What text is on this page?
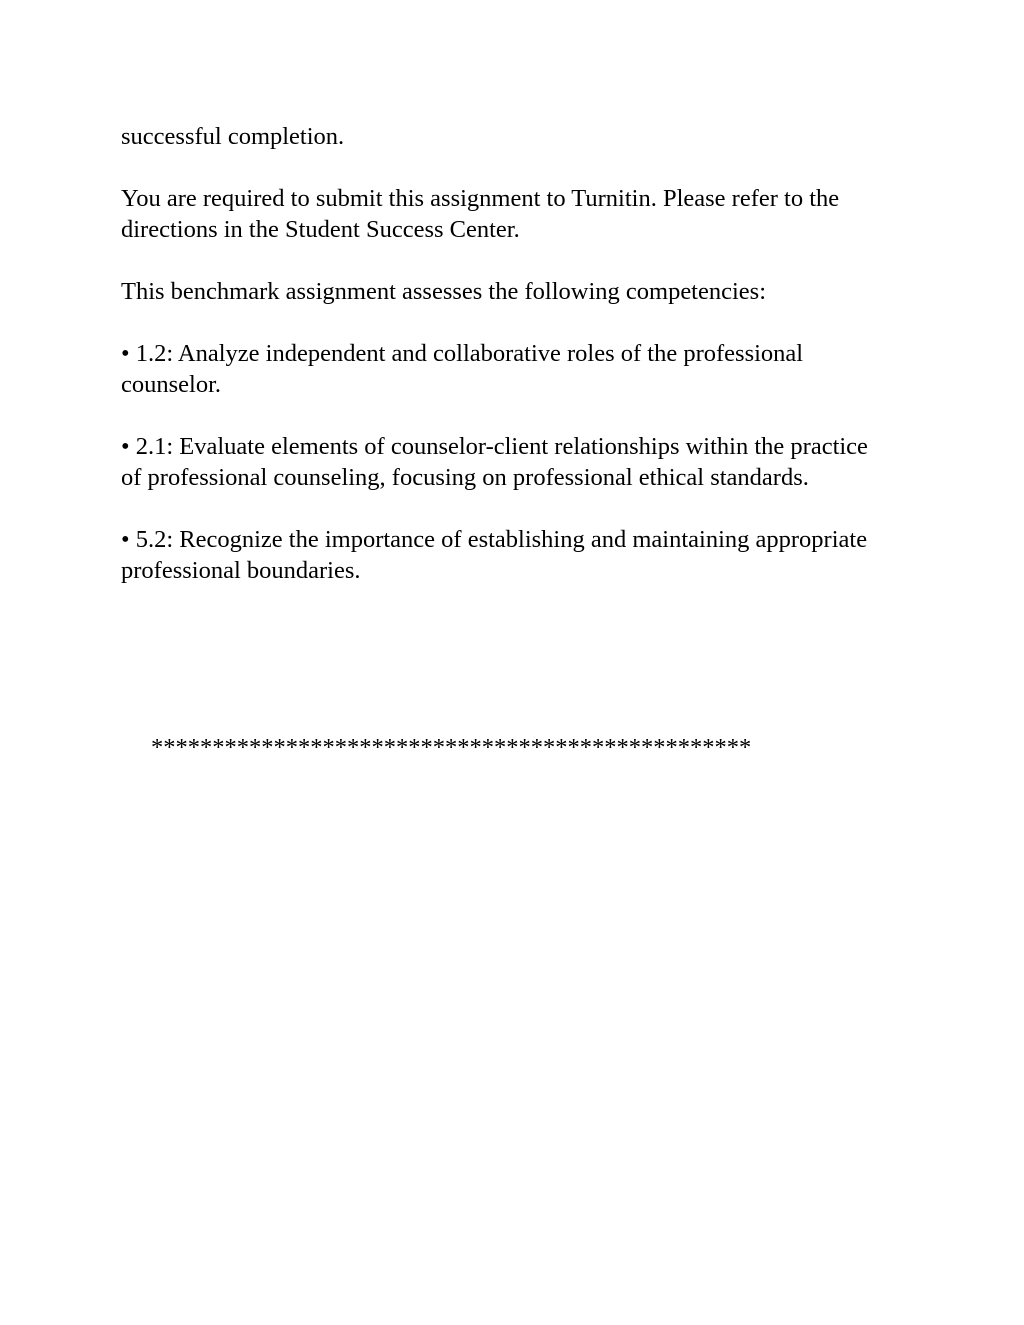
successful completion.

You are required to submit this assignment to Turnitin. Please refer to the directions in the Student Success Center.

This benchmark assignment assesses the following competencies:

• 1.2: Analyze independent and collaborative roles of the professional counselor.

• 2.1: Evaluate elements of counselor-client relationships within the practice of professional counseling, focusing on professional ethical standards.

• 5.2: Recognize the importance of establishing and maintaining appropriate professional boundaries.

*************************************************
